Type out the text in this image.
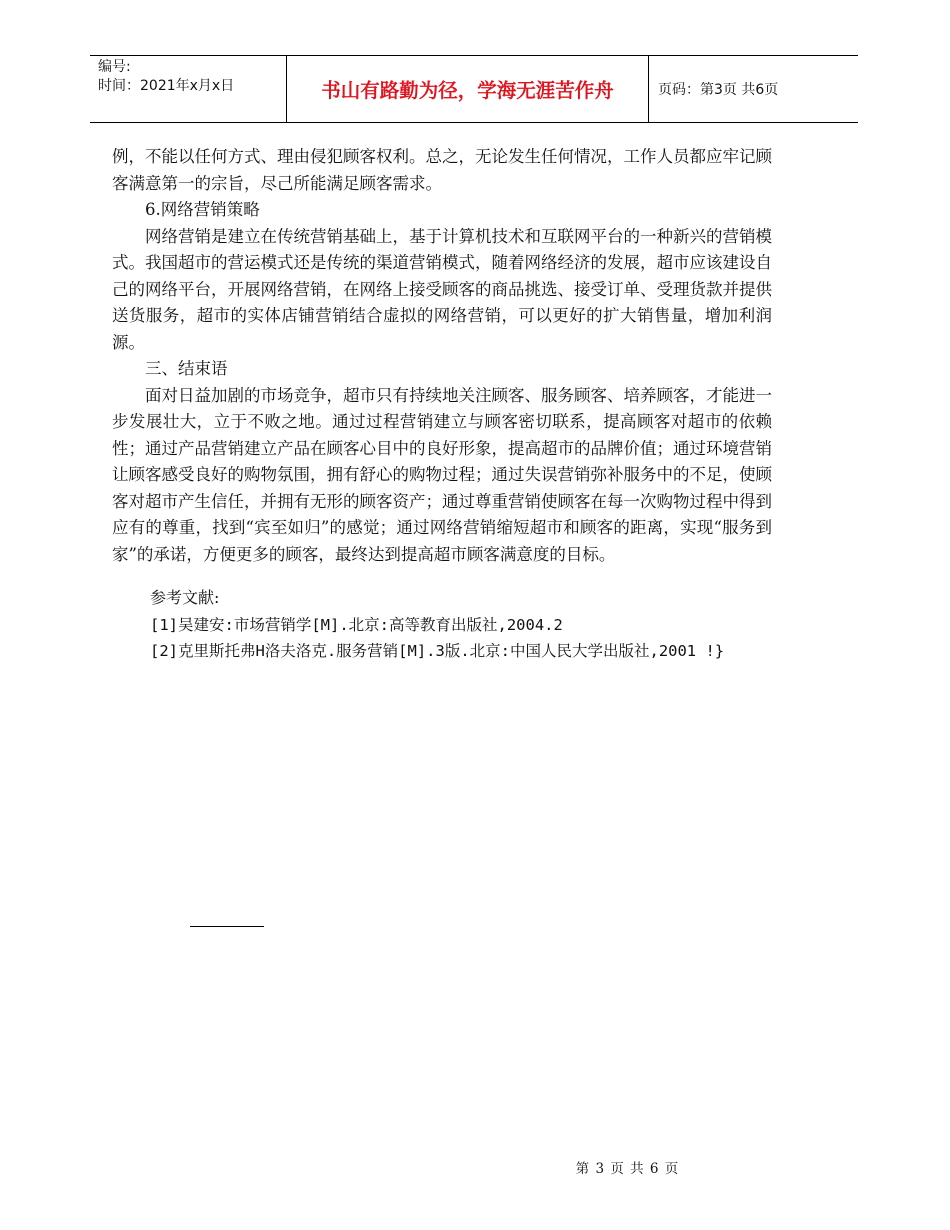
编号:
时间：2021年x月x日	书山有路勤为径，学海无涯苦作舟	页码：第3页 共6页

例，不能以任何方式、理由侵犯顾客权利。总之，无论发生任何情况，工作人员都应牢记顾客满意第一的宗旨，尽己所能满足顾客需求。

6.网络营销策略

网络营销是建立在传统营销基础上，基于计算机技术和互联网平台的一种新兴的营销模式。我国超市的营运模式还是传统的渠道营销模式，随着网络经济的发展，超市应该建设自己的网络平台，开展网络营销，在网络上接受顾客的商品挑选、接受订单、受理货款并提供送货服务，超市的实体店铺营销结合虚拟的网络营销，可以更好的扩大销售量，增加利润源。

三、结束语

面对日益加剧的市场竞争，超市只有持续地关注顾客、服务顾客、培养顾客，才能进一步发展壮大，立于不败之地。通过过程营销建立与顾客密切联系，提高顾客对超市的依赖性；通过产品营销建立产品在顾客心目中的良好形象，提高超市的品牌价值；通过环境营销让顾客感受良好的购物氛围，拥有舒心的购物过程；通过失误营销弥补服务中的不足，使顾客对超市产生信任，并拥有无形的顾客资产；通过尊重营销使顾客在每一次购物过程中得到应有的尊重，找到“宾至如归”的感觉；通过网络营销缩短超市和顾客的距离，实现“服务到家”的承诺，方便更多的顾客，最终达到提高超市顾客满意度的目标。

参考文献:

[1]吴建安:市场营销学[M].北京:高等教育出版社,2004.2

[2]克里斯托弗H洛夫洛克.服务营销[M].3版.北京:中国人民大学出版社,2001 !}

第 3 页 共 6 页
